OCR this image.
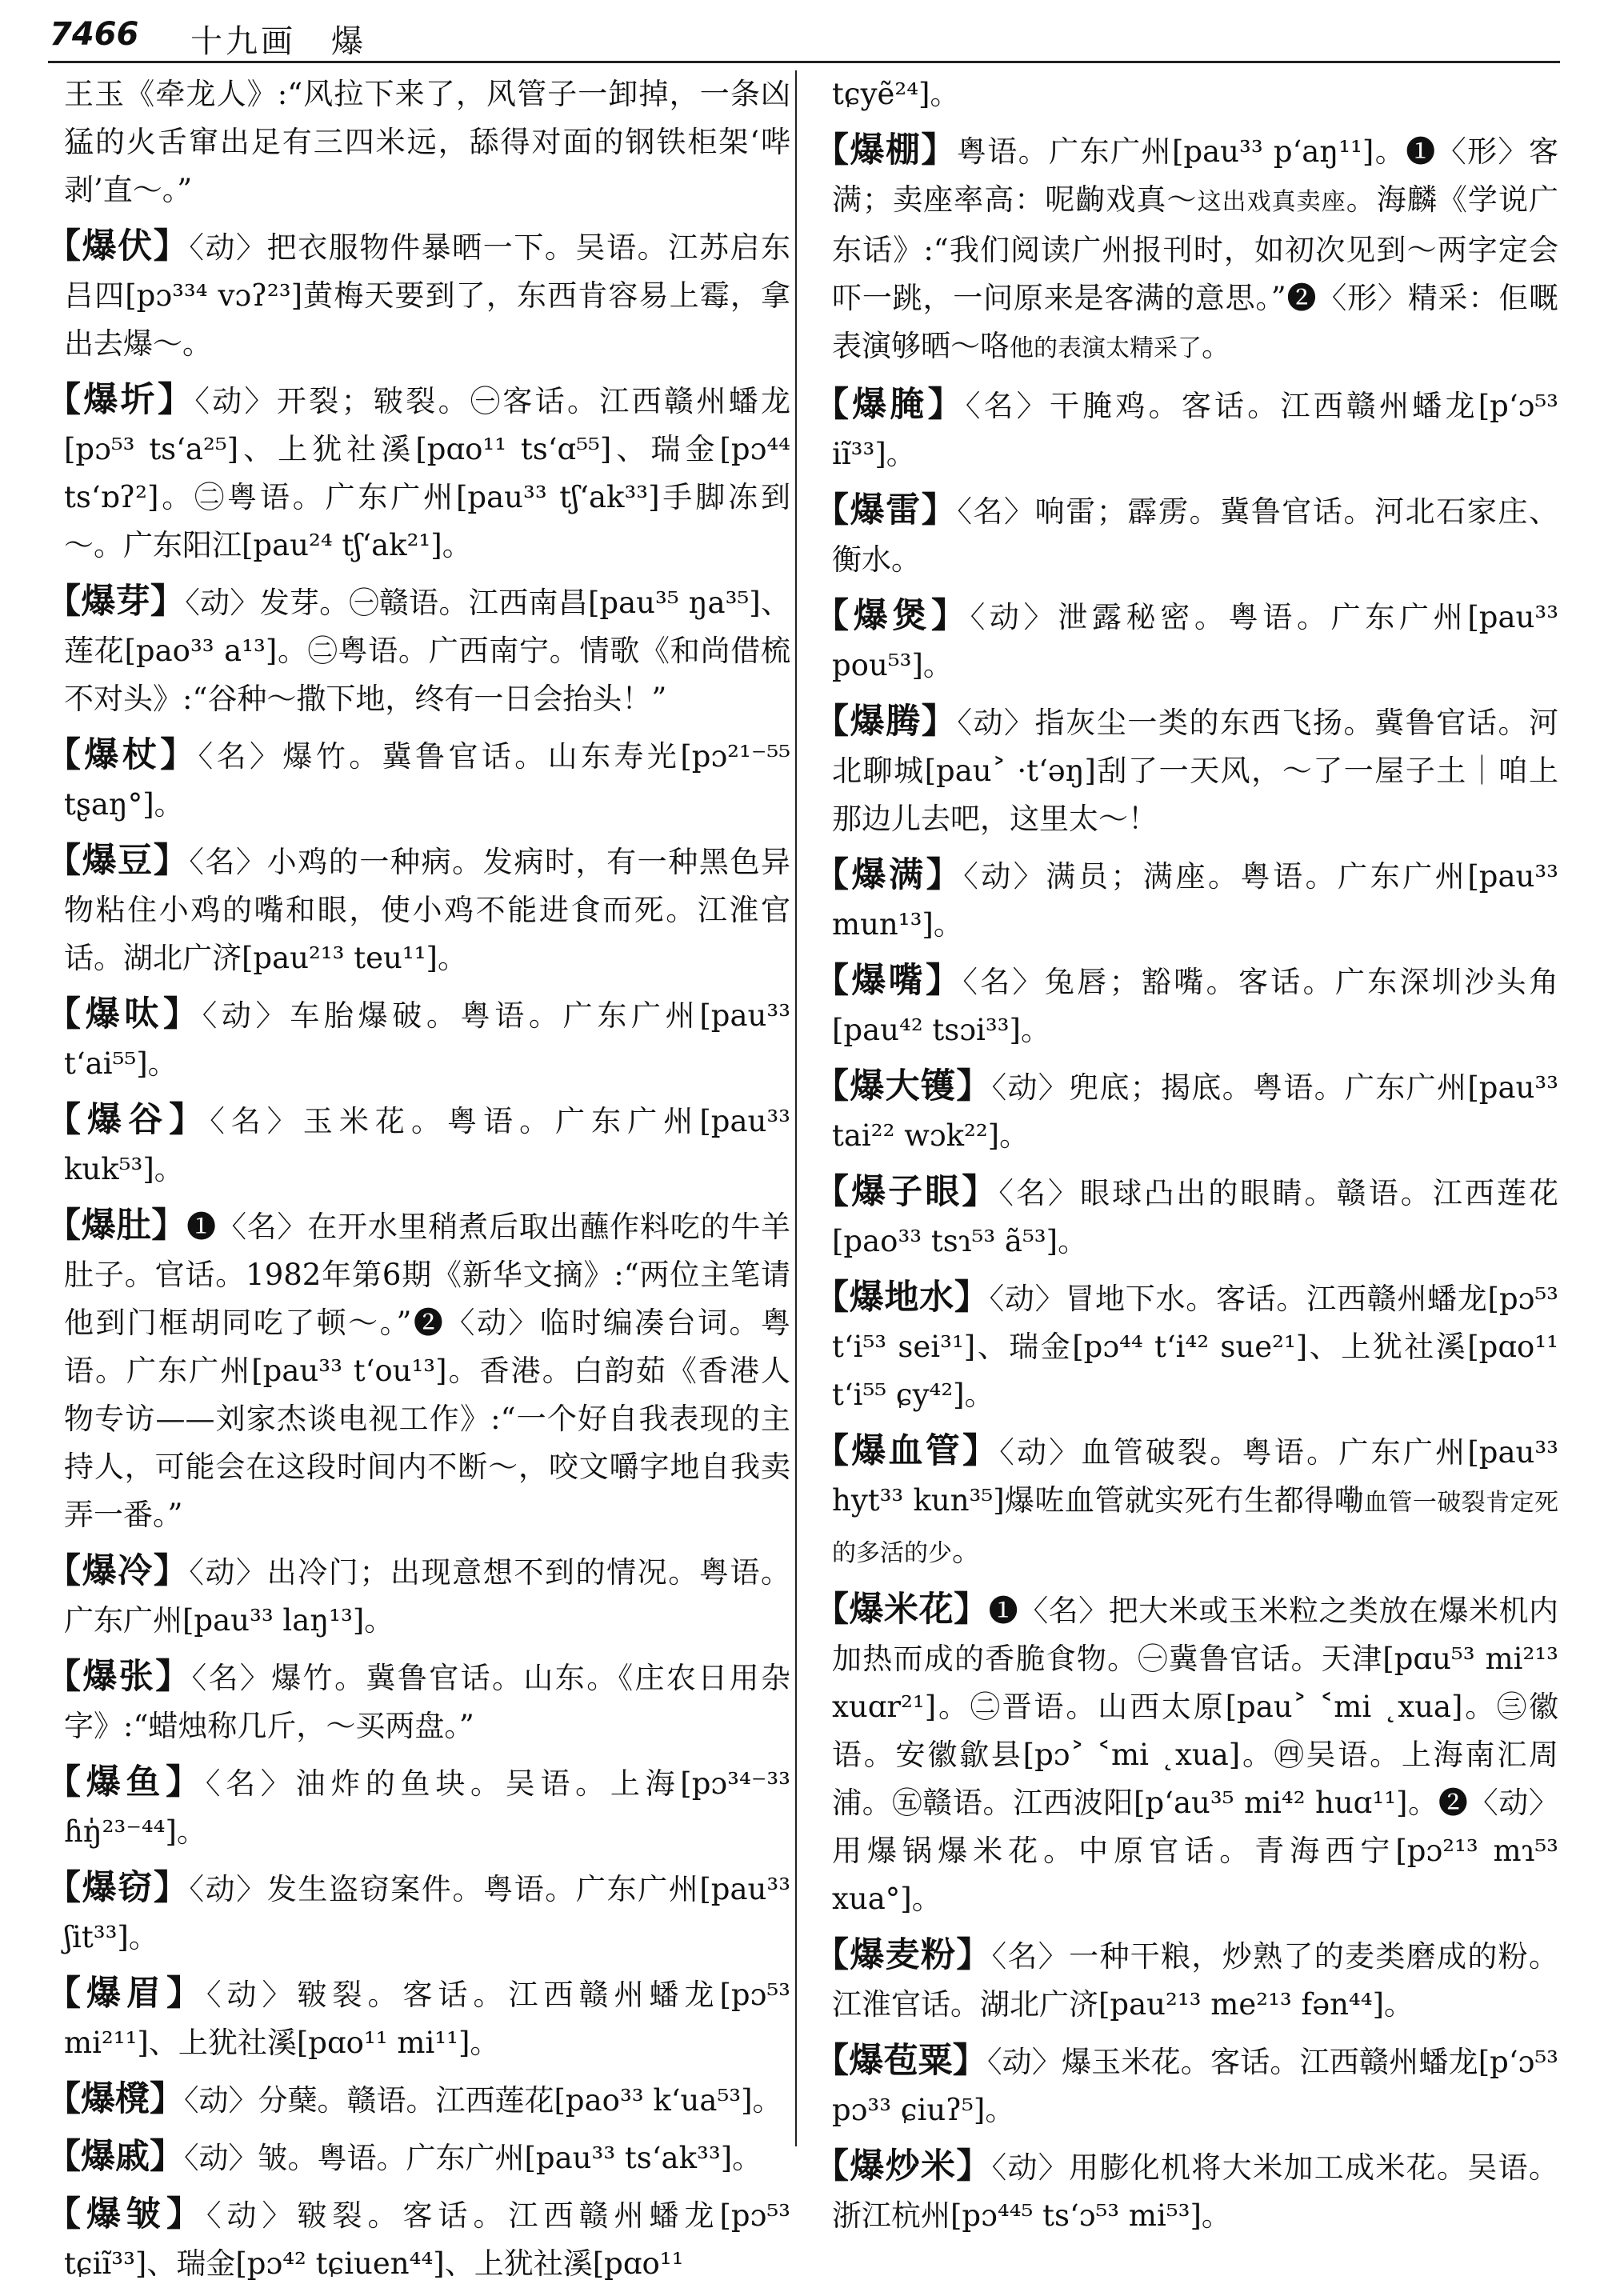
7466 十九画　爆

王玉《牵龙人》:“风拉下来了，风管子一卸掉，一条凶猛的火舌窜出足有三四米远，舔得对面的钢铁柜架‘哔剥’直～。”

【爆伏】〈动〉把衣服物件暴晒一下。吴语。江苏启东吕四[pɔ³³⁴ vɔʔ²³]黄梅天要到了，东西肯容易上霉，拿出去爆～。

【爆圻】〈动〉开裂；皲裂。㊀客话。江西赣州蟠龙[pɔ⁵³ ts‘a²⁵]、上犹社溪[pɑo¹¹ ts‘ɑ⁵⁵]、瑞金[pɔ⁴⁴ ts‘ɒʔ²]。㊁粤语。广东广州[pau³³ tʃ‘ak³³]手脚冻到～。广东阳江[pau²⁴ tʃ‘ak²¹]。

【爆芽】〈动〉发芽。㊀赣语。江西南昌[pau³⁵ ŋa³⁵]、莲花[pao³³ a¹³]。㊁粤语。广西南宁。情歌《和尚借梳不对头》:“谷种～撒下地，终有一日会抬头！”

【爆杖】〈名〉爆竹。冀鲁官话。山东寿光[pɔ²¹⁻⁵⁵ tʂaŋ°]。

【爆豆】〈名〉小鸡的一种病。发病时，有一种黑色异物粘住小鸡的嘴和眼，使小鸡不能进食而死。江淮官话。湖北广济[pau²¹³ teu¹¹]。

【爆呔】〈动〉车胎爆破。粤语。广东广州[pau³³ t‘ai⁵⁵]。

【爆谷】〈名〉玉米花。粤语。广东广州[pau³³ kuk⁵³]。

【爆肚】❶〈名〉在开水里稍煮后取出蘸作料吃的牛羊肚子。官话。1982年第6期《新华文摘》:“两位主笔请他到门框胡同吃了顿～。”❷〈动〉临时编凑台词。粤语。广东广州[pau³³ t‘ou¹³]。香港。白韵茹《香港人物专访——刘家杰谈电视工作》:“一个好自我表现的主持人，可能会在这段时间内不断～，咬文嚼字地自我卖弄一番。”

【爆冷】〈动〉出冷门；出现意想不到的情况。粤语。广东广州[pau³³ laŋ¹³]。

【爆张】〈名〉爆竹。冀鲁官话。山东。《庄农日用杂字》:“蜡烛称几斤，～买两盘。”

【爆鱼】〈名〉油炸的鱼块。吴语。上海[pɔ³⁴⁻³³ ɦŋ̍²³⁻⁴⁴]。

【爆窃】〈动〉发生盗窃案件。粤语。广东广州[pau³³ ʃit³³]。

【爆眉】〈动〉皲裂。客话。江西赣州蟠龙[pɔ⁵³ mi²¹¹]、上犹社溪[pɑo¹¹ mi¹¹]。

【爆櫈】〈动〉分蘖。赣语。江西莲花[pao³³ k‘ua⁵³]。

【爆戚】〈动〉皱。粤语。广东广州[pau³³ ts‘ak³³]。

【爆皱】〈动〉皲裂。客话。江西赣州蟠龙[pɔ⁵³ tɕiĩ³³]、瑞金[pɔ⁴² tɕiuen⁴⁴]、上犹社溪[pɑo¹¹

tɕyẽ²⁴]。

【爆棚】粤语。广东广州[pau³³ p‘aŋ¹¹]。❶〈形〉客满；卖座率高：呢齣戏真～这出戏真卖座。海麟《学说广东话》:“我们阅读广州报刊时，如初次见到～两字定会吓一跳，一问原来是客满的意思。”❷〈形〉精采：佢嘅表演够晒～咯他的表演太精采了。

【爆腌】〈名〉干腌鸡。客话。江西赣州蟠龙[p‘ɔ⁵³ iĩ³³]。

【爆雷】〈名〉响雷；霹雳。冀鲁官话。河北石家庄、衡水。

【爆煲】〈动〉泄露秘密。粤语。广东广州[pau³³ pou⁵³]。

【爆腾】〈动〉指灰尘一类的东西飞扬。冀鲁官话。河北聊城[pau˃ ·t‘əŋ]刮了一天风，～了一屋子土｜咱上那边儿去吧，这里太～！

【爆满】〈动〉满员；满座。粤语。广东广州[pau³³ mun¹³]。

【爆嘴】〈名〉兔唇；豁嘴。客话。广东深圳沙头角[pau⁴² tsɔi³³]。

【爆大镬】〈动〉兜底；揭底。粤语。广东广州[pau³³ tai²² wɔk²²]。

【爆子眼】〈名〉眼球凸出的眼睛。赣语。江西莲花[pao³³ tsɿ⁵³ ã⁵³]。

【爆地水】〈动〉冒地下水。客话。江西赣州蟠龙[pɔ⁵³ t‘i⁵³ sei³¹]、瑞金[pɔ⁴⁴ t‘i⁴² sue²¹]、上犹社溪[pɑo¹¹ t‘i⁵⁵ ɕy⁴²]。

【爆血管】〈动〉血管破裂。粤语。广东广州[pau³³ hyt³³ kun³⁵]爆咗血管就实死冇生都得嘞血管一破裂肯定死的多活的少。

【爆米花】❶〈名〉把大米或玉米粒之类放在爆米机内加热而成的香脆食物。㊀冀鲁官话。天津[pɑu⁵³ mi²¹³ xuɑr²¹]。㊁晋语。山西太原[pau˃ ˂mi ˛xua]。㊂徽语。安徽歙县[pɔ˃ ˂mi ˛xua]。㊃吴语。上海南汇周浦。㊄赣语。江西波阳[p‘au³⁵ mi⁴² huɑ¹¹]。❷〈动〉用爆锅爆米花。中原官话。青海西宁[pɔ²¹³ mɿ⁵³ xua°]。

【爆麦粉】〈名〉一种干粮，炒熟了的麦类磨成的粉。江淮官话。湖北广济[pau²¹³ me²¹³ fən⁴⁴]。

【爆苞粟】〈动〉爆玉米花。客话。江西赣州蟠龙[p‘ɔ⁵³ pɔ³³ ɕiuʔ⁵]。

【爆炒米】〈动〉用膨化机将大米加工成米花。吴语。浙江杭州[pɔ⁴⁴⁵ ts‘ɔ⁵³ mi⁵³]。
